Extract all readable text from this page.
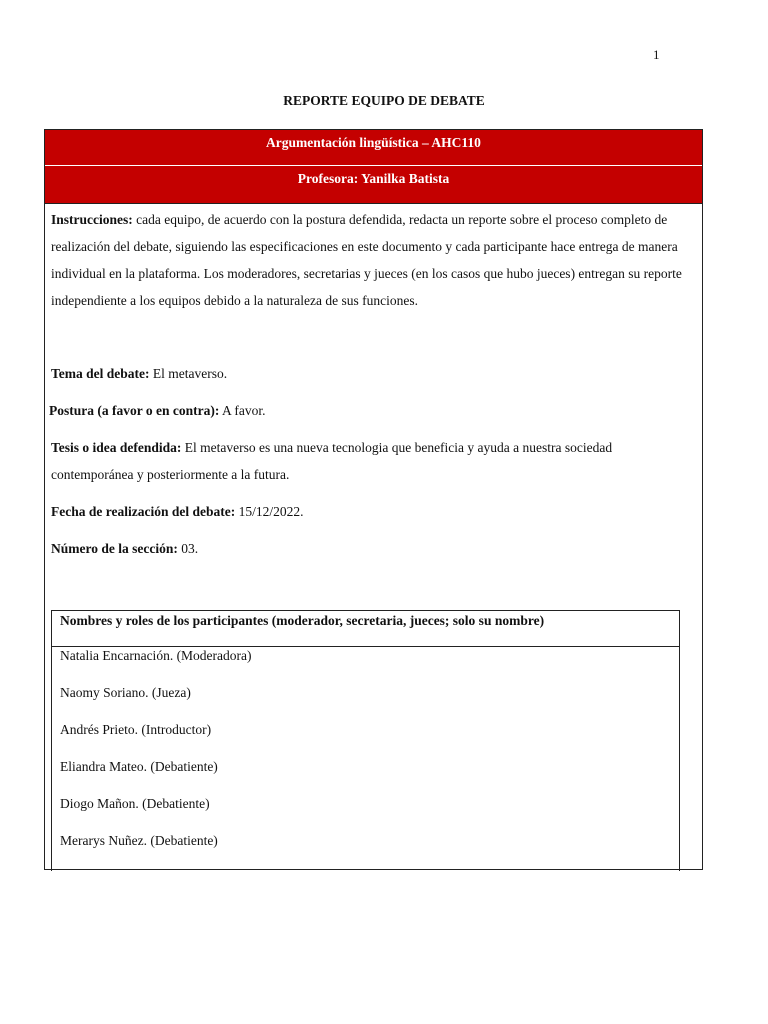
1
REPORTE EQUIPO DE DEBATE
Argumentación lingüística – AHC110
Profesora: Yanilka Batista

Instrucciones: cada equipo, de acuerdo con la postura defendida, redacta un reporte sobre el proceso completo de realización del debate, siguiendo las especificaciones en este documento y cada participante hace entrega de manera individual en la plataforma. Los moderadores, secretarias y jueces (en los casos que hubo jueces) entregan su reporte independiente a los equipos debido a la naturaleza de sus funciones.

Tema del debate: El metaverso.

Postura (a favor o en contra): A favor.

Tesis o idea defendida: El metaverso es una nueva tecnologia que beneficia y ayuda a nuestra sociedad contemporánea y posteriormente a la futura.

Fecha de realización del debate: 15/12/2022.

Número de la sección: 03.

Nombres y roles de los participantes (moderador, secretaria, jueces; solo su nombre)
Natalia Encarnación. (Moderadora)
Naomy Soriano. (Jueza)
Andrés Prieto. (Introductor)
Eliandra Mateo. (Debatiente)
Diogo Mañon. (Debatiente)
Merarys Nuñez. (Debatiente)
